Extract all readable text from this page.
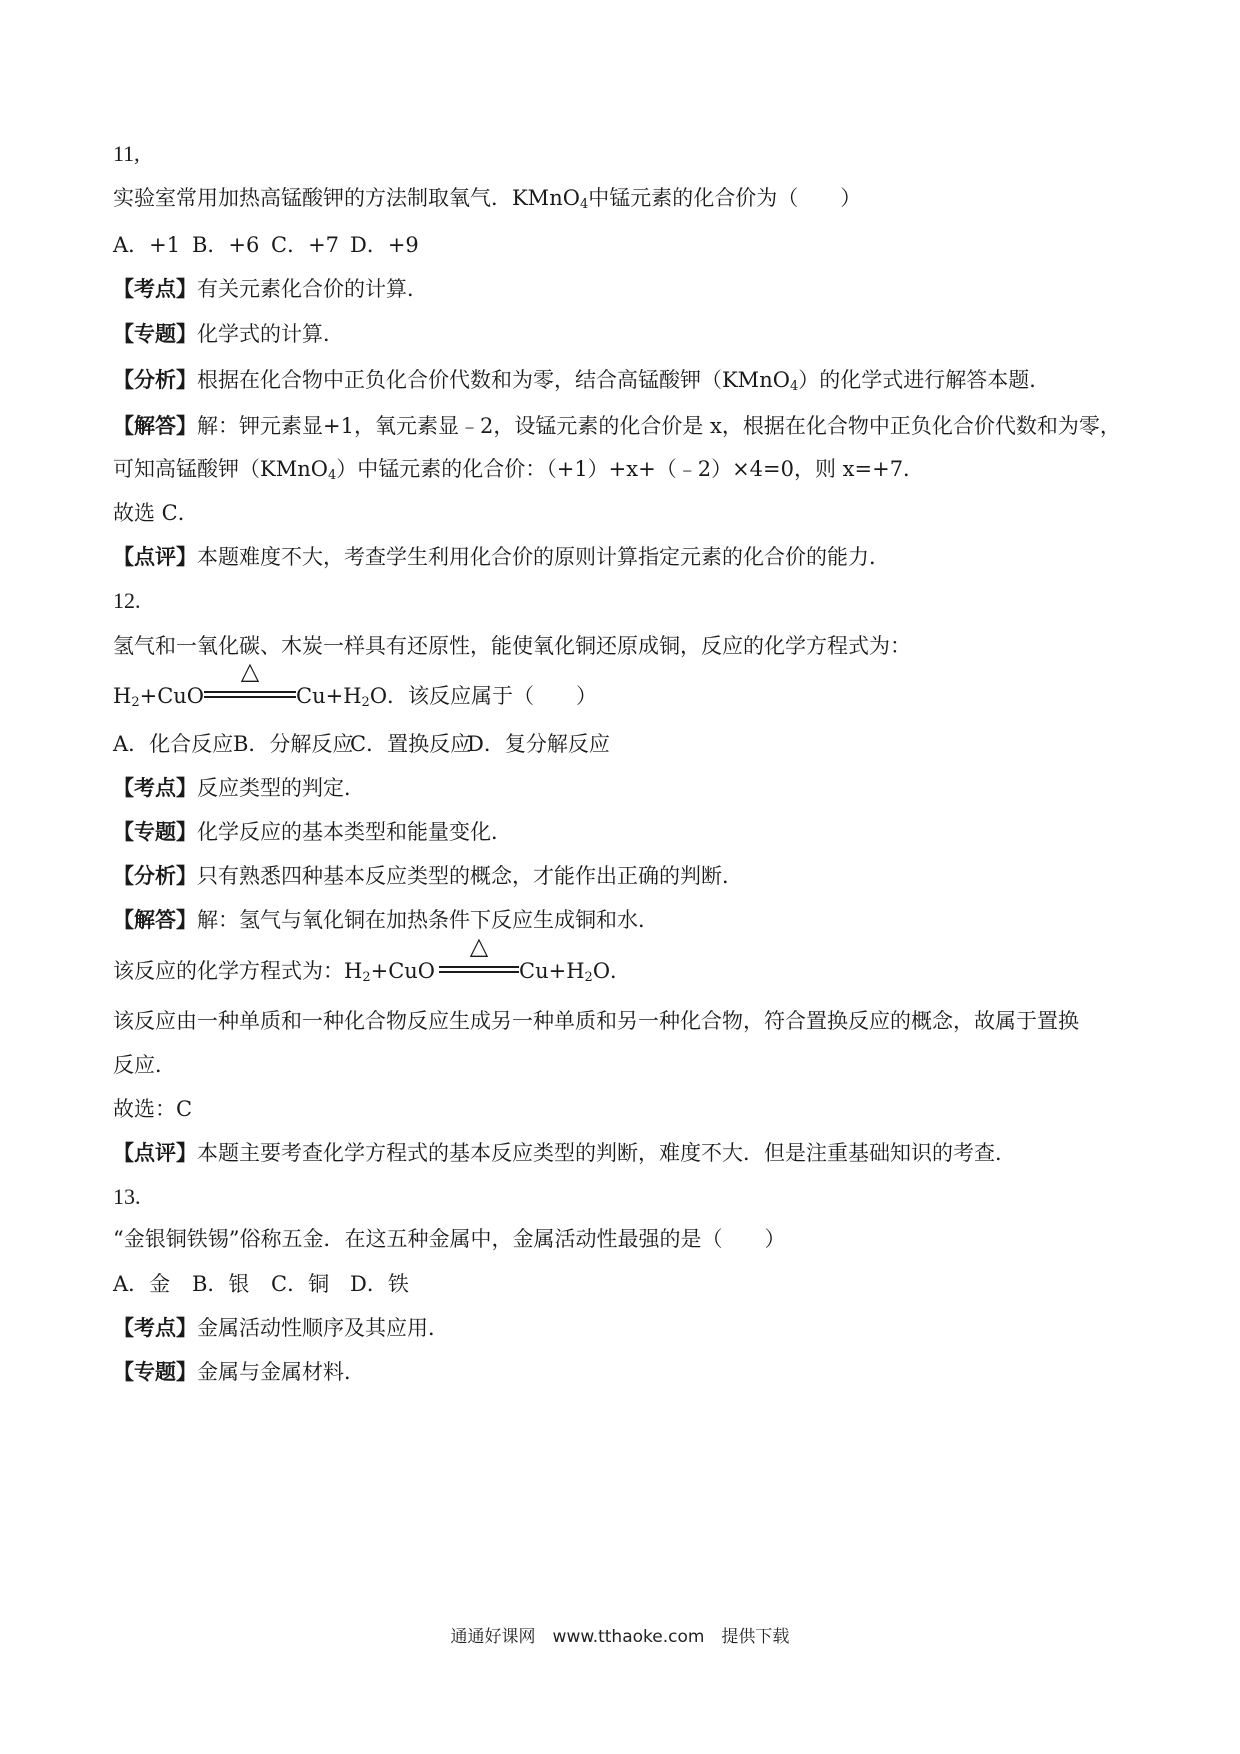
11,
实验室常用加热高锰酸钾的方法制取氧气．KMnO$_4$中锰元素的化合价为（　　）
A．+1 B．+6 C．+7 D．+9
【考点】有关元素化合价的计算．
【专题】化学式的计算．
【分析】根据在化合物中正负化合价代数和为零，结合高锰酸钾（KMnO$_4$）的化学式进行解答本题．
【解答】解：钾元素显+1，氧元素显﹣2，设锰元素的化合价是 x，根据在化合物中正负化合价代数和为零，
可知高锰酸钾（KMnO$_4$）中锰元素的化合价：（+1）+x+（﹣2）×4=0，则 x=+7．
故选 C．
【点评】本题难度不大，考查学生利用化合价的原则计算指定元素的化合价的能力．
12.
氢气和一氧化碳、木炭一样具有还原性，能使氧化铜还原成铜，反应的化学方程式为：
$H_2+CuO$
△
$Cu+H_2O$．该反应属于（　　）
A．化合反应B．分解反应C．置换反应D．复分解反应
【考点】反应类型的判定．
【专题】化学反应的基本类型和能量变化．
【分析】只有熟悉四种基本反应类型的概念，才能作出正确的判断．
【解答】解：氢气与氧化铜在加热条件下反应生成铜和水．
该反应的化学方程式为：$H_2+CuO$
△
$Cu+H_2O$．
该反应由一种单质和一种化合物反应生成另一种单质和另一种化合物，符合置换反应的概念，故属于置换
反应．
故选：C
【点评】本题主要考查化学方程式的基本反应类型的判断，难度不大．但是注重基础知识的考查．
13.
“金银铜铁锡”俗称五金．在这五种金属中，金属活动性最强的是（　　）
A．金 B．银 C．铜 D．铁
【考点】金属活动性顺序及其应用．
【专题】金属与金属材料．
通通好课网　www.tthaoke.com　提供下载
